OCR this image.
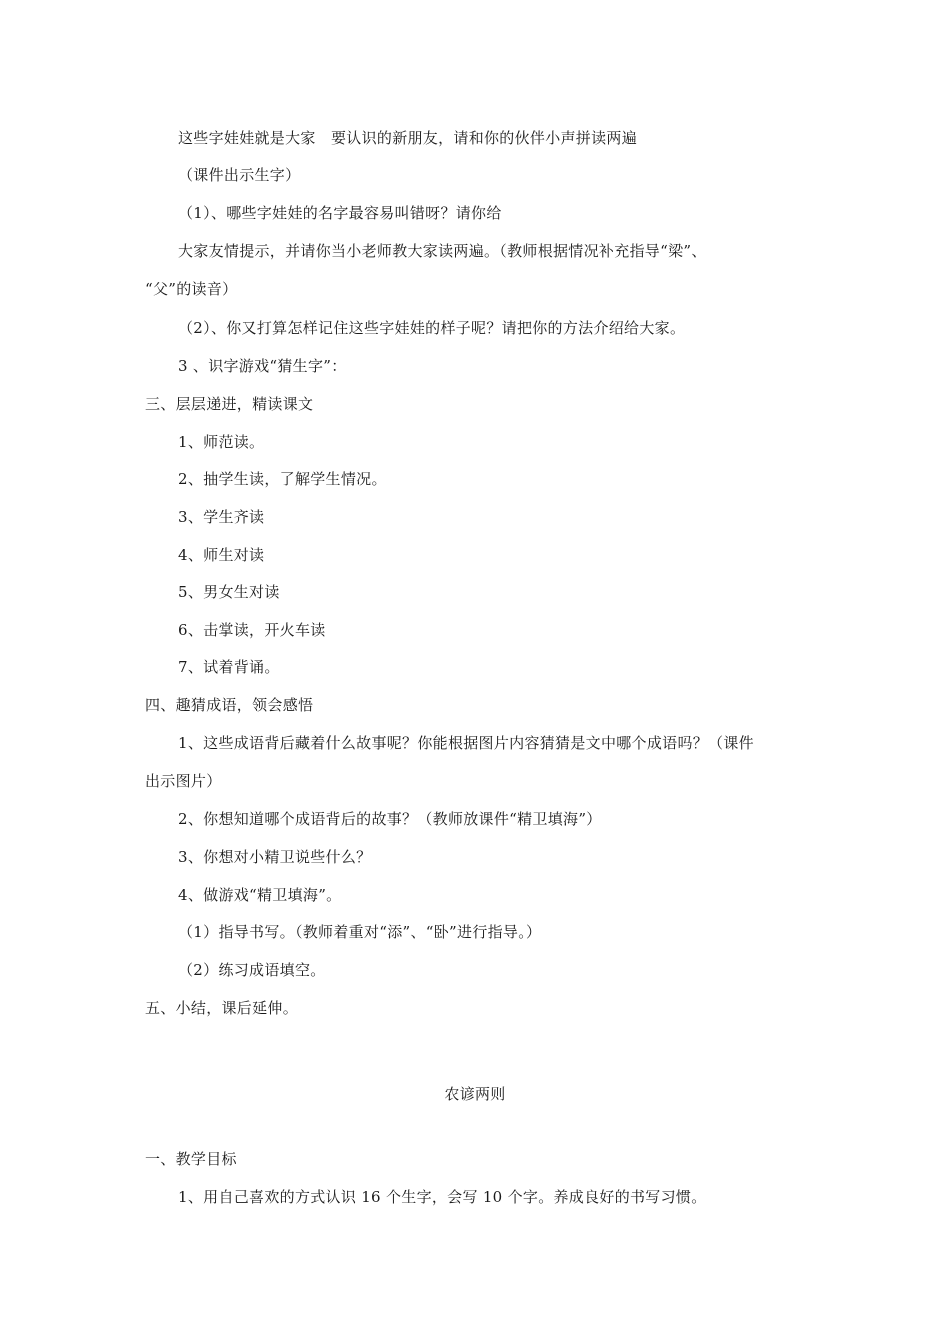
这些字娃娃就是大家　要认识的新朋友，请和你的伙伴小声拼读两遍
（课件出示生字）
（1）、哪些字娃娃的名字最容易叫错呀？请你给
大家友情提示，并请你当小老师教大家读两遍。（教师根据情况补充指导“梁”、
“父”的读音）
（2）、你又打算怎样记住这些字娃娃的样子呢？请把你的方法介绍给大家。
3 、识字游戏“猜生字”：
三、层层递进，精读课文
1、师范读。
2、抽学生读，了解学生情况。
3、学生齐读
4、师生对读
5、男女生对读
6、击掌读，开火车读
7、试着背诵。
四、趣猜成语，领会感悟
1、这些成语背后藏着什么故事呢？你能根据图片内容猜猜是文中哪个成语吗？（课件
出示图片）
2、你想知道哪个成语背后的故事？（教师放课件“精卫填海”）
3、你想对小精卫说些什么？
4、做游戏“精卫填海”。
（1）指导书写。（教师着重对“添”、“卧”进行指导。）
（2）练习成语填空。
五、小结，课后延伸。
农谚两则
一、教学目标
1、用自己喜欢的方式认识 16 个生字，会写 10 个字。养成良好的书写习惯。
